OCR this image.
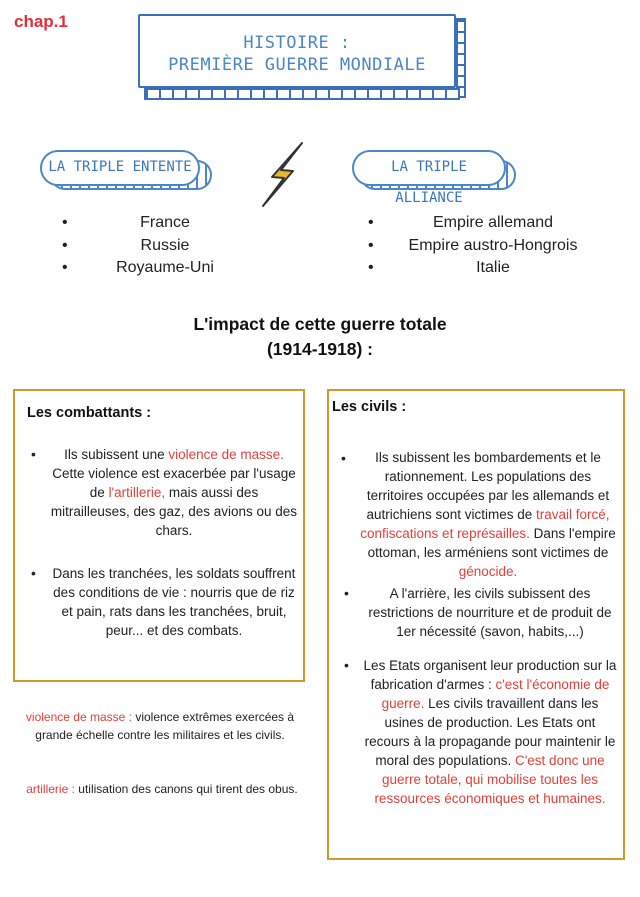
chap.1
HISTOIRE :
PREMIÈRE GUERRE MONDIALE
LA TRIPLE ENTENTE	LA TRIPLE ALLIANCE
• France
• Russie
• Royaume-Uni
• Empire allemand
• Empire austro-Hongrois
• Italie
L'impact de cette guerre totale
(1914-1918) :
Les combattants :
•	Ils subissent une violence de masse. Cette violence est exacerbée par l'usage de l'artillerie, mais aussi des mitrailleuses, des gaz, des avions ou des chars.
• Dans les tranchées, les soldats souffrent des conditions de vie : nourris que de riz et pain, rats dans les tranchées, bruit, peur... et des combats.
Les civils :
•	Ils subissent les bombardements et le rationnement. Les populations des territoires occupées par les allemands et autrichiens sont victimes de travail forcé, confiscations et représailles. Dans l'empire ottoman, les arméniens sont victimes de génocide.
•	A l'arrière, les civils subissent des restrictions de nourriture et de produit de 1er nécessité (savon, habits,...)
• Les Etats organisent leur production sur la fabrication d'armes : c'est l'économie de guerre. Les civils travaillent dans les usines de production. Les Etats ont recours à la propagande pour maintenir le moral des populations. C'est donc une guerre totale, qui mobilise toutes les ressources économiques et humaines.
violence de masse : violence extrêmes exercées à grande échelle contre les militaires et les civils.
artillerie : utilisation des canons qui tirent des obus.
